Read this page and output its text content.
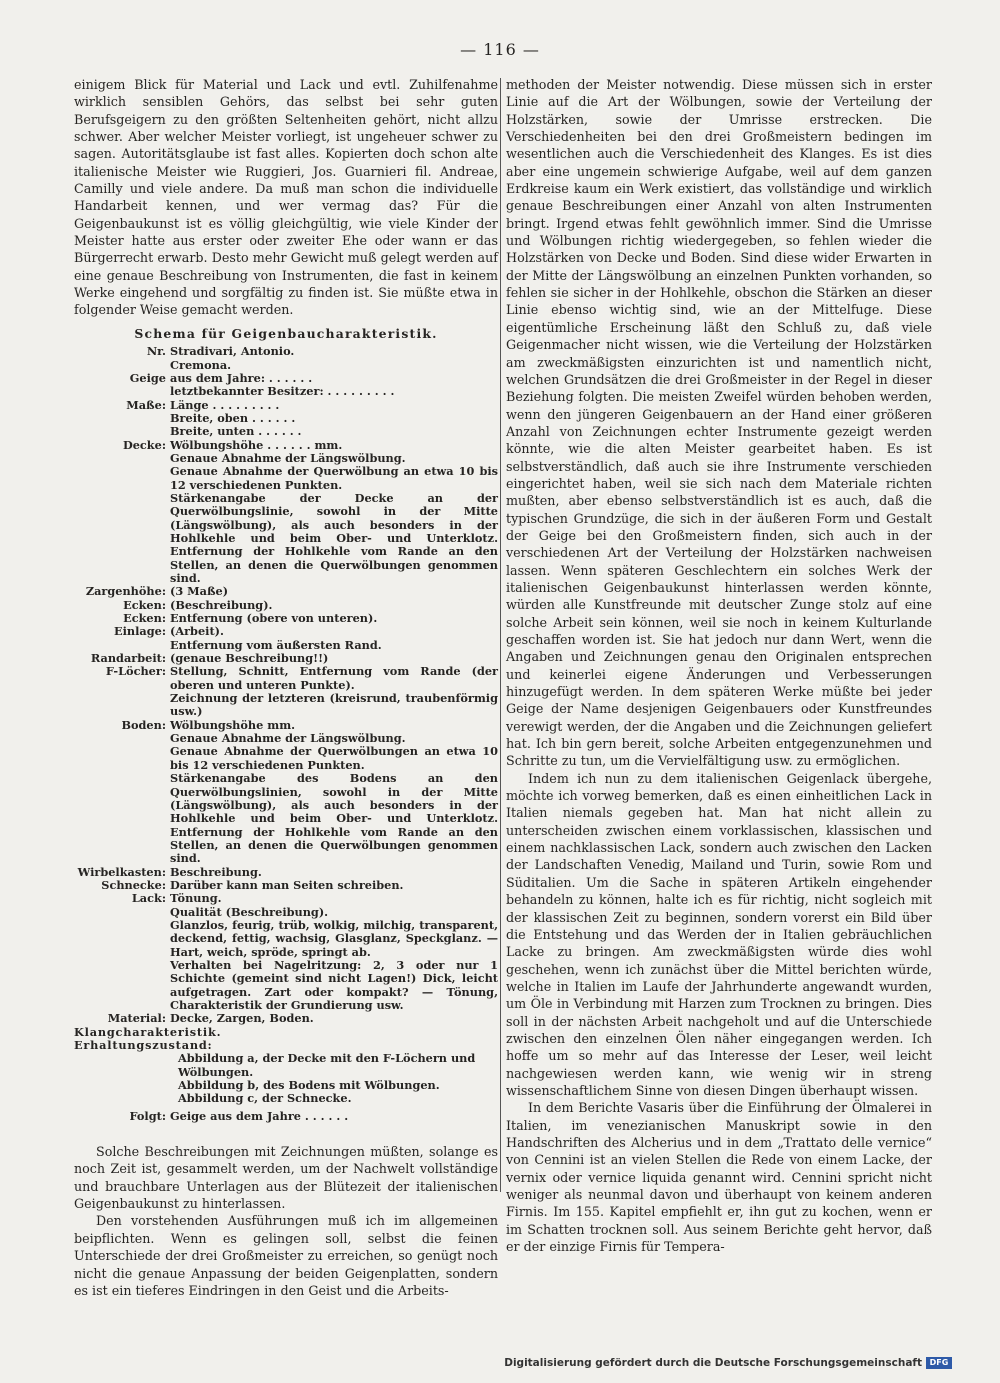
— 116 —

einigem Blick für Material und Lack und evtl. Zuhilfenahme wirklich sensiblen Gehörs, das selbst bei sehr guten Berufsgeigern zu den größten Seltenheiten gehört, nicht allzu schwer. Aber welcher Meister vorliegt, ist ungeheuer schwer zu sagen. Autoritätsglaube ist fast alles. Kopierten doch schon alte italienische Meister wie Ruggieri, Jos. Guarnieri fil. Andreae, Camilly und viele andere. Da muß man schon die individuelle Handarbeit kennen, und wer vermag das? Für die Geigenbaukunst ist es völlig gleichgültig, wie viele Kinder der Meister hatte aus erster oder zweiter Ehe oder wann er das Bürgerrecht erwarb. Desto mehr Gewicht muß gelegt werden auf eine genaue Beschreibung von Instrumenten, die fast in keinem Werke eingehend und sorgfältig zu finden ist. Sie müßte etwa in folgender Weise gemacht werden.

Schema für Geigenbaucharakteristik.
Nr. Stradivari, Antonio.
Cremona.
Geige aus dem Jahre: . . . . . .
letztbekannter Besitzer: . . . . . . . . .
Maße: Länge . . . . . . . . .
Breite, oben . . . . . .
Breite, unten . . . . . .
Decke: Wölbungshöhe . . . . . . mm.
Genaue Abnahme der Längswölbung.
Genaue Abnahme der Querwölbung an etwa 10 bis 12 verschiedenen Punkten.
Stärkenangabe der Decke an der Querwölbungslinie, sowohl in der Mitte (Längswölbung), als auch besonders in der Hohlkehle und beim Ober- und Unterklotz. Entfernung der Hohlkehle vom Rande an den Stellen, an denen die Querwölbungen genommen sind.
Zargenhöhe: (3 Maße)
Ecken: (Beschreibung).
Ecken: Entfernung (obere von unteren).
Einlage: (Arbeit).
Entfernung vom äußersten Rand.
Randarbeit: (genaue Beschreibung!!)
F-Löcher: Stellung, Schnitt, Entfernung vom Rande (der oberen und unteren Punkte).
Zeichnung der letzteren (kreisrund, traubenförmig usw.)
Boden: Wölbungshöhe mm.
Genaue Abnahme der Längswölbung.
Genaue Abnahme der Querwölbungen an etwa 10 bis 12 verschiedenen Punkten.
Stärkenangabe des Bodens an den Querwölbungslinien, sowohl in der Mitte (Längswölbung), als auch besonders in der Hohlkehle und beim Ober- und Unterklotz. Entfernung der Hohlkehle vom Rande an den Stellen, an denen die Querwölbungen genommen sind.
Wirbelkasten: Beschreibung.
Schnecke: Darüber kann man Seiten schreiben.
Lack: Tönung.
Qualität (Beschreibung).
Glanzlos, feurig, trüb, wolkig, milchig, transparent, deckend, fettig, wachsig, Glasglanz, Speckglanz. — Hart, weich, spröde, springt ab.
Verhalten bei Nagelritzung: 2, 3 oder nur 1 Schichte (gemeint sind nicht Lagen!) Dick, leicht aufgetragen. Zart oder kompakt? — Tönung, Charakteristik der Grundierung usw.
Material: Decke, Zargen, Boden.
Klangcharakteristik.
Erhaltungszustand:
Abbildung a, der Decke mit den F-Löchern und Wölbungen.
Abbildung b, des Bodens mit Wölbungen.
Abbildung c, der Schnecke.
Folgt: Geige aus dem Jahre . . . . . .

Solche Beschreibungen mit Zeichnungen müßten, solange es noch Zeit ist, gesammelt werden, um der Nachwelt vollständige und brauchbare Unterlagen aus der Blütezeit der italienischen Geigenbaukunst zu hinterlassen.

Den vorstehenden Ausführungen muß ich im allgemeinen beipflichten. Wenn es gelingen soll, selbst die feinen Unterschiede der drei Großmeister zu erreichen, so genügt noch nicht die genaue Anpassung der beiden Geigenplatten, sondern es ist ein tieferes Eindringen in den Geist und die Arbeits-

methoden der Meister notwendig. Diese müssen sich in erster Linie auf die Art der Wölbungen, sowie der Verteilung der Holzstärken, sowie der Umrisse erstrecken. Die Verschiedenheiten bei den drei Großmeistern bedingen im wesentlichen auch die Verschiedenheit des Klanges. Es ist dies aber eine ungemein schwierige Aufgabe, weil auf dem ganzen Erdkreise kaum ein Werk existiert, das vollständige und wirklich genaue Beschreibungen einer Anzahl von alten Instrumenten bringt. Irgend etwas fehlt gewöhnlich immer. Sind die Umrisse und Wölbungen richtig wiedergegeben, so fehlen wieder die Holzstärken von Decke und Boden. Sind diese wider Erwarten in der Mitte der Längswölbung an einzelnen Punkten vorhanden, so fehlen sie sicher in der Hohlkehle, obschon die Stärken an dieser Linie ebenso wichtig sind, wie an der Mittelfuge. Diese eigentümliche Erscheinung läßt den Schluß zu, daß viele Geigenmacher nicht wissen, wie die Verteilung der Holzstärken am zweckmäßigsten einzurichten ist und namentlich nicht, welchen Grundsätzen die drei Großmeister in der Regel in dieser Beziehung folgten. Die meisten Zweifel würden behoben werden, wenn den jüngeren Geigenbauern an der Hand einer größeren Anzahl von Zeichnungen echter Instrumente gezeigt werden könnte, wie die alten Meister gearbeitet haben. Es ist selbstverständlich, daß auch sie ihre Instrumente verschieden eingerichtet haben, weil sie sich nach dem Materiale richten mußten, aber ebenso selbstverständlich ist es auch, daß die typischen Grundzüge, die sich in der äußeren Form und Gestalt der Geige bei den Großmeistern finden, sich auch in der verschiedenen Art der Verteilung der Holzstärken nachweisen lassen. Wenn späteren Geschlechtern ein solches Werk der italienischen Geigenbaukunst hinterlassen werden könnte, würden alle Kunstfreunde mit deutscher Zunge stolz auf eine solche Arbeit sein können, weil sie noch in keinem Kulturlande geschaffen worden ist. Sie hat jedoch nur dann Wert, wenn die Angaben und Zeichnungen genau den Originalen entsprechen und keinerlei eigene Änderungen und Verbesserungen hinzugefügt werden. In dem späteren Werke müßte bei jeder Geige der Name desjenigen Geigenbauers oder Kunstfreundes verewigt werden, der die Angaben und die Zeichnungen geliefert hat. Ich bin gern bereit, solche Arbeiten entgegenzunehmen und Schritte zu tun, um die Vervielfältigung usw. zu ermöglichen.

Indem ich nun zu dem italienischen Geigenlack übergehe, möchte ich vorweg bemerken, daß es einen einheitlichen Lack in Italien niemals gegeben hat. Man hat nicht allein zu unterscheiden zwischen einem vorklassischen, klassischen und einem nachklassischen Lack, sondern auch zwischen den Lacken der Landschaften Venedig, Mailand und Turin, sowie Rom und Süditalien. Um die Sache in späteren Artikeln eingehender behandeln zu können, halte ich es für richtig, nicht sogleich mit der klassischen Zeit zu beginnen, sondern vorerst ein Bild über die Entstehung und das Werden der in Italien gebräuchlichen Lacke zu bringen. Am zweckmäßigsten würde dies wohl geschehen, wenn ich zunächst über die Mittel berichten würde, welche in Italien im Laufe der Jahrhunderte angewandt wurden, um Öle in Verbindung mit Harzen zum Trocknen zu bringen. Dies soll in der nächsten Arbeit nachgeholt und auf die Unterschiede zwischen den einzelnen Ölen näher eingegangen werden. Ich hoffe um so mehr auf das Interesse der Leser, weil leicht nachgewiesen werden kann, wie wenig wir in streng wissenschaftlichem Sinne von diesen Dingen überhaupt wissen.

In dem Berichte Vasaris über die Einführung der Ölmalerei in Italien, im venezianischen Manuskript sowie in den Handschriften des Alcherius und in dem „Trattato delle vernice“ von Cennini ist an vielen Stellen die Rede von einem Lacke, der vernix oder vernice liquida genannt wird. Cennini spricht nicht weniger als neunmal davon und überhaupt von keinem anderen Firnis. Im 155. Kapitel empfiehlt er, ihn gut zu kochen, wenn er im Schatten trocknen soll. Aus seinem Berichte geht hervor, daß er der einzige Firnis für Tempera-

Digitalisierung gefördert durch die Deutsche Forschungsgemeinschaft DFG
